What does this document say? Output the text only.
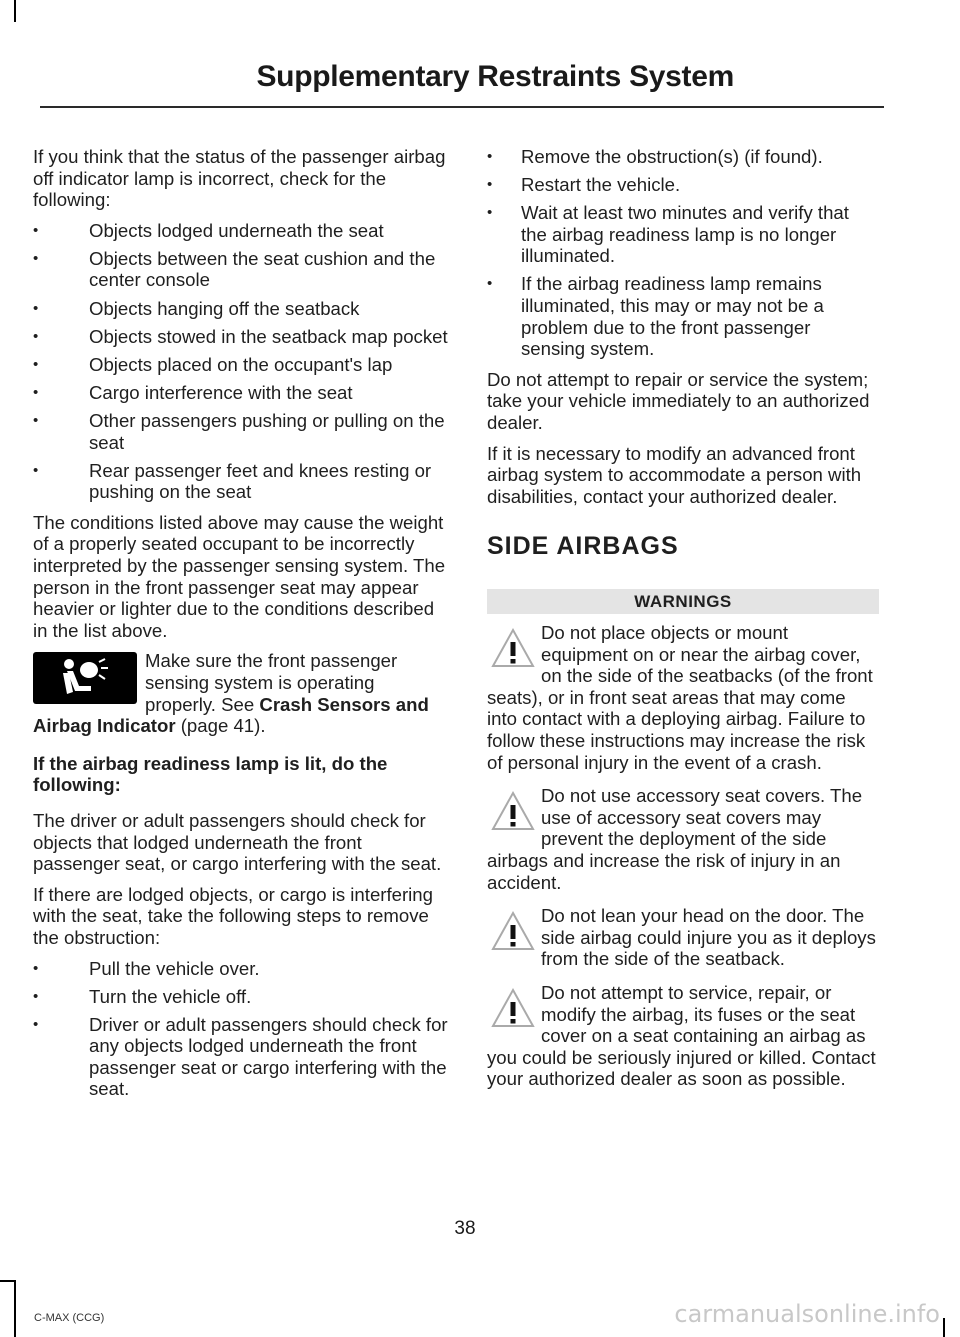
Supplementary Restraints System

If you think that the status of the passenger airbag off indicator lamp is incorrect, check for the following:

• Objects lodged underneath the seat
• Objects between the seat cushion and the center console
• Objects hanging off the seatback
• Objects stowed in the seatback map pocket
• Objects placed on the occupant's lap
• Cargo interference with the seat
• Other passengers pushing or pulling on the seat
• Rear passenger feet and knees resting or pushing on the seat

The conditions listed above may cause the weight of a properly seated occupant to be incorrectly interpreted by the passenger sensing system. The person in the front passenger seat may appear heavier or lighter due to the conditions described in the list above.

Make sure the front passenger sensing system is operating properly. See Crash Sensors and Airbag Indicator (page 41).
If the airbag readiness lamp is lit, do the following:

The driver or adult passengers should check for objects that lodged underneath the front passenger seat, or cargo interfering with the seat.

If there are lodged objects, or cargo is interfering with the seat, take the following steps to remove the obstruction:

• Pull the vehicle over.
• Turn the vehicle off.
• Driver or adult passengers should check for any objects lodged underneath the front passenger seat or cargo interfering with the seat.
• Remove the obstruction(s) (if found).
• Restart the vehicle.
• Wait at least two minutes and verify that the airbag readiness lamp is no longer illuminated.
• If the airbag readiness lamp remains illuminated, this may or may not be a problem due to the front passenger sensing system.

Do not attempt to repair or service the system; take your vehicle immediately to an authorized dealer.

If it is necessary to modify an advanced front airbag system to accommodate a person with disabilities, contact your authorized dealer.

SIDE AIRBAGS
WARNINGS
Do not place objects or mount equipment on or near the airbag cover, on the side of the seatbacks (of the front seats), or in front seat areas that may come into contact with a deploying airbag. Failure to follow these instructions may increase the risk of personal injury in the event of a crash.
Do not use accessory seat covers. The use of accessory seat covers may prevent the deployment of the side airbags and increase the risk of injury in an accident.
Do not lean your head on the door. The side airbag could injure you as it deploys from the side of the seatback.
Do not attempt to service, repair, or modify the airbag, its fuses or the seat cover on a seat containing an airbag as you could be seriously injured or killed. Contact your authorized dealer as soon as possible.
38
C-MAX (CCG)	carmanualsonline.info
